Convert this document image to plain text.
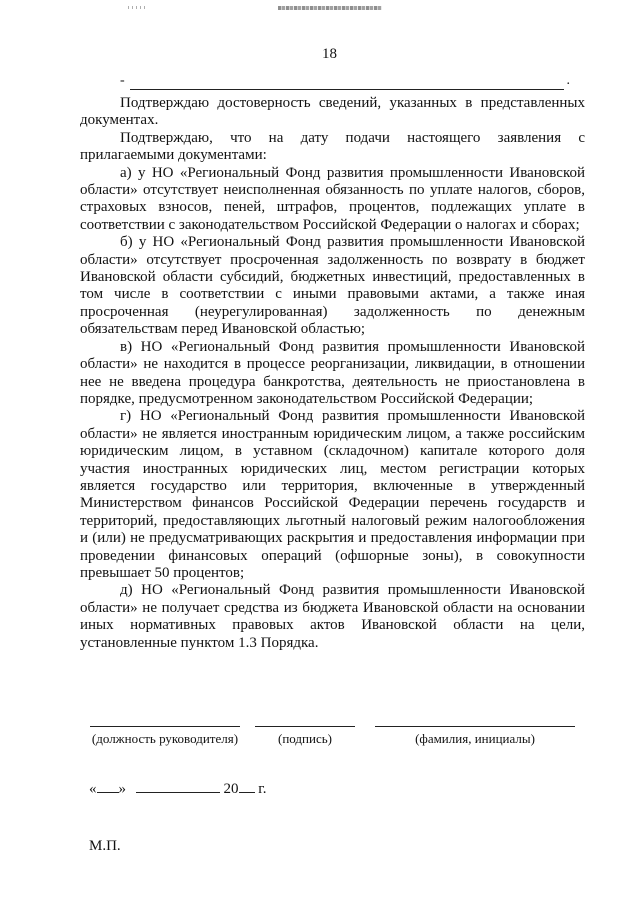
18
-	.

Подтверждаю достоверность сведений, указанных в представленных документах.

Подтверждаю, что на дату подачи настоящего заявления с прилагаемыми документами:

а) у НО «Региональный Фонд развития промышленности Ивановской области» отсутствует неисполненная обязанность по уплате налогов, сборов, страховых взносов, пеней, штрафов, процентов, подлежащих уплате в соответствии с законодательством Российской Федерации о налогах и сборах;

б) у НО «Региональный Фонд развития промышленности Ивановской области» отсутствует просроченная задолженность по возврату в бюджет Ивановской области субсидий, бюджетных инвестиций, предоставленных в том числе в соответствии с иными правовыми актами, а также иная просроченная (неурегулированная) задолженность по денежным обязательствам перед Ивановской областью;

в) НО «Региональный Фонд развития промышленности Ивановской области» не находится в процессе реорганизации, ликвидации, в отношении нее не введена процедура банкротства, деятельность не приостановлена в порядке, предусмотренном законодательством Российской Федерации;

г) НО «Региональный Фонд развития промышленности Ивановской области» не является иностранным юридическим лицом, а также российским юридическим лицом, в уставном (складочном) капитале которого доля участия иностранных юридических лиц, местом регистрации которых является государство или территория, включенные в утвержденный Министерством финансов Российской Федерации перечень государств и территорий, предоставляющих льготный налоговый режим налогообложения и (или) не предусматривающих раскрытия и предоставления информации при проведении финансовых операций (офшорные зоны), в совокупности превышает 50 процентов;

д) НО «Региональный Фонд развития промышленности Ивановской области» не получает средства из бюджета Ивановской области на основании иных нормативных правовых актов Ивановской области на цели, установленные пунктом 1.3 Порядка.

(должность руководителя)	(подпись)	(фамилия, инициалы)
« »	20 г.
М.П.
